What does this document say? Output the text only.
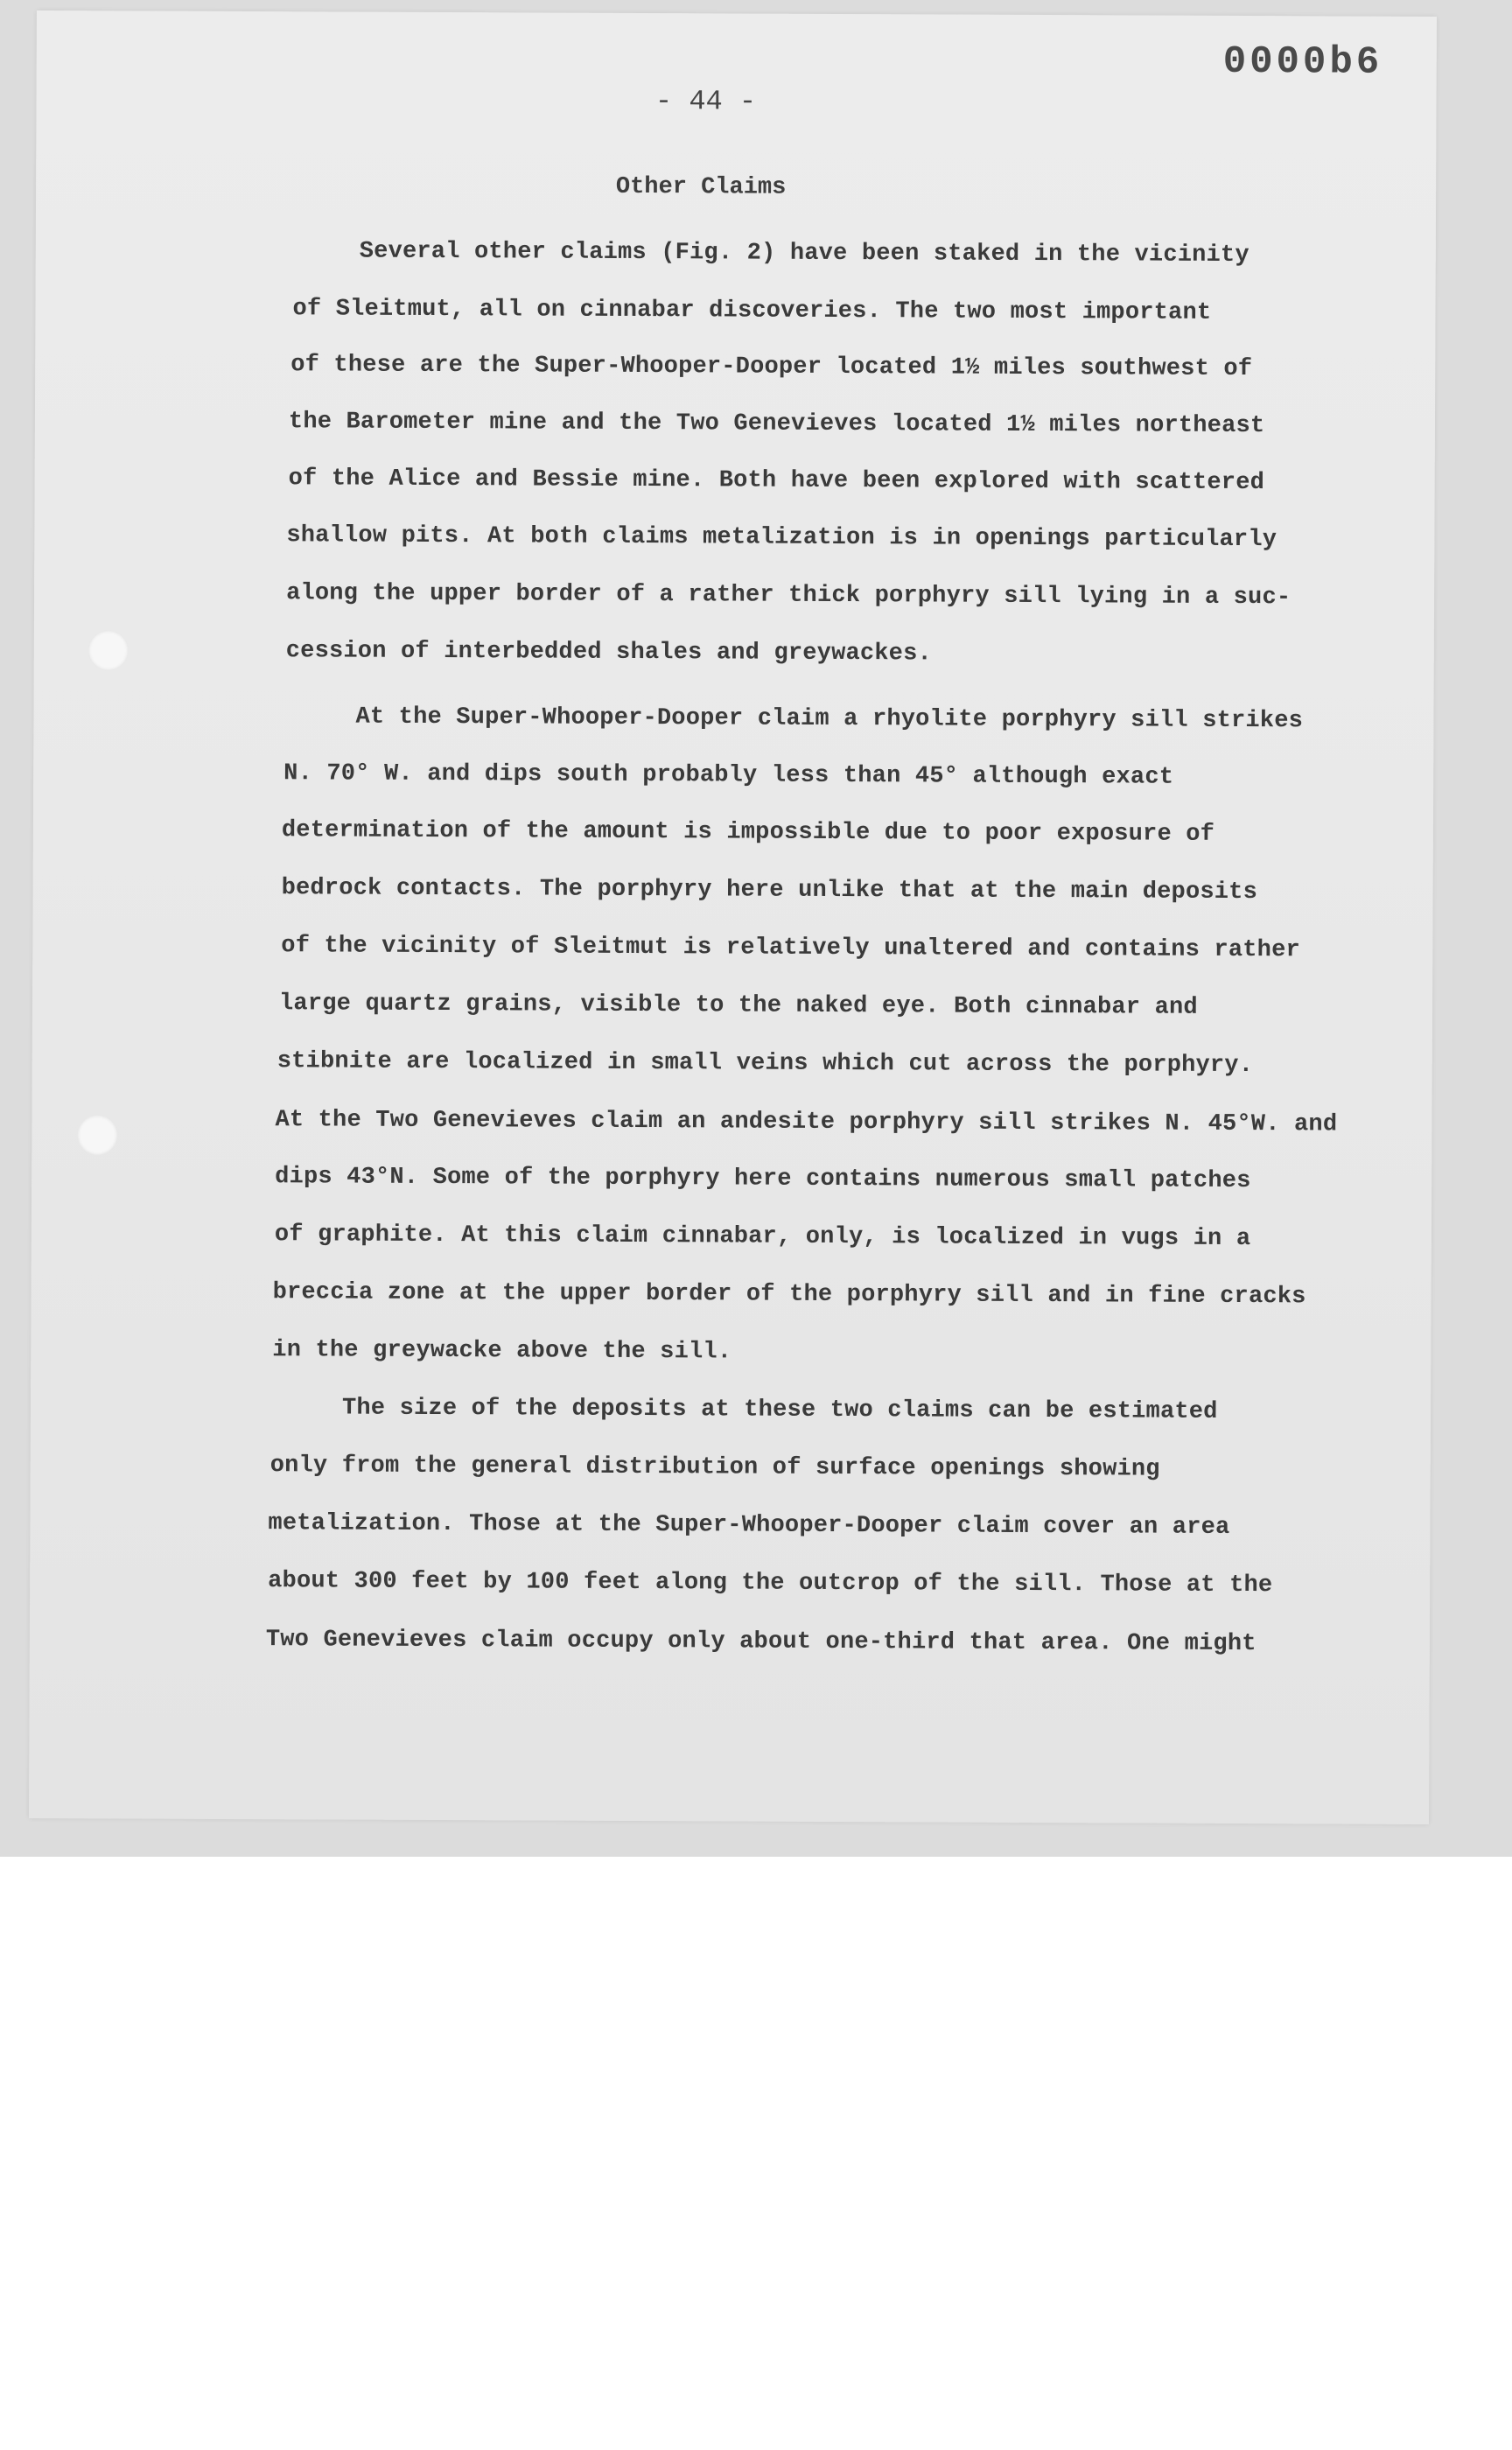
0000b6
- 44 -
Other Claims
Several other claims (Fig. 2) have been staked in the vicinity
of Sleitmut, all on cinnabar discoveries. The two most important
of these are the Super-Whooper-Dooper located 1½ miles southwest of
the Barometer mine and the Two Genevieves located 1½ miles northeast
of the Alice and Bessie mine. Both have been explored with scattered
shallow pits. At both claims metalization is in openings particularly
along the upper border of a rather thick porphyry sill lying in a suc-
cession of interbedded shales and greywackes.
At the Super-Whooper-Dooper claim a rhyolite porphyry sill strikes
N. 70° W. and dips south probably less than 45° although exact
determination of the amount is impossible due to poor exposure of
bedrock contacts. The porphyry here unlike that at the main deposits
of the vicinity of Sleitmut is relatively unaltered and contains rather
large quartz grains, visible to the naked eye. Both cinnabar and
stibnite are localized in small veins which cut across the porphyry.
At the Two Genevieves claim an andesite porphyry sill strikes N. 45°W. and
dips 43°N. Some of the porphyry here contains numerous small patches
of graphite. At this claim cinnabar, only, is localized in vugs in a
breccia zone at the upper border of the porphyry sill and in fine cracks
in the greywacke above the sill.
The size of the deposits at these two claims can be estimated
only from the general distribution of surface openings showing
metalization. Those at the Super-Whooper-Dooper claim cover an area
about 300 feet by 100 feet along the outcrop of the sill. Those at the
Two Genevieves claim occupy only about one-third that area. One might
